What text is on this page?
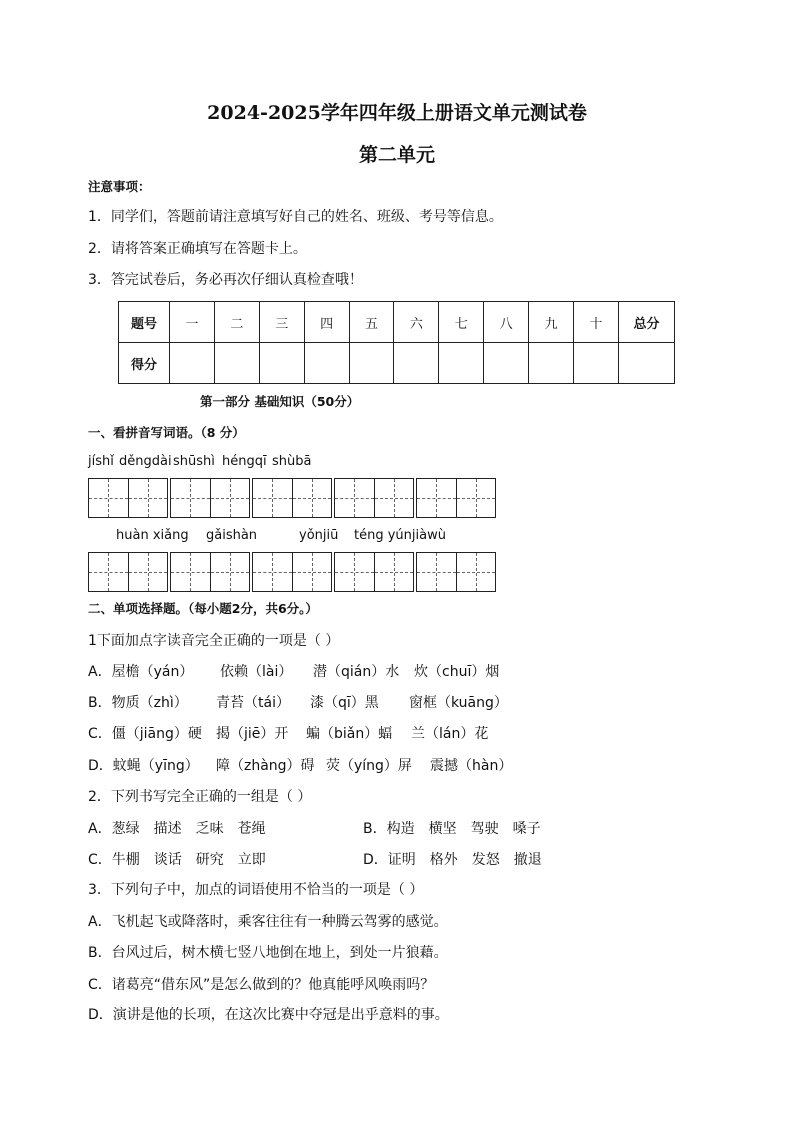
2024-2025学年四年级上册语文单元测试卷
第二单元
注意事项：
1．同学们，答题前请注意填写好自己的姓名、班级、考号等信息。
2．请将答案正确填写在答题卡上。
3．答完试卷后，务必再次仔细认真检查哦！
题号	一	二	三	四	五	六	七	八	九	十	总分
得分											
第一部分 基础知识（50分）
一、看拼音写词语。（8 分）
jíshǐ děngdài shūshì héngqī shùbā
huàn xiǎng gǎishàn	yǒnjiū téng yúnjiàwù
二、单项选择题。（每小题2分，共6分。）
1下面加点字读音完全正确的一项是（ ）
A．屋檐（yán） 依赖（lài） 潜（qián）水 炊（chuī）烟
B．物质（zhì） 青苔（tái） 漆（qī）黑 窗框（kuāng）
C．僵（jiāng）硬 揭（jiē）开 蝙（biǎn）蝠 兰（lán）花
D．蚊蝇（yīng） 障（zhàng）碍 荧（yíng）屏 震撼（hàn）
2．下列书写完全正确的一组是（ ）
A．葱绿  描述  乏味  苍绳	B．构造  横坚  驾驶  嗓子
C．牛棚  谈话  研究  立即	D．证明  格外  发怒  撤退
3．下列句子中，加点的词语使用不恰当的一项是（ ）
A．飞机起飞或降落时，乘客往往有一种腾云驾雾的感觉。
B．台风过后，树木横七竖八地倒在地上，到处一片狼藉。
C．诸葛亮“借东风”是怎么做到的？他真能呼风唤雨吗？
D．演讲是他的长项，在这次比赛中夺冠是出乎意料的事。
